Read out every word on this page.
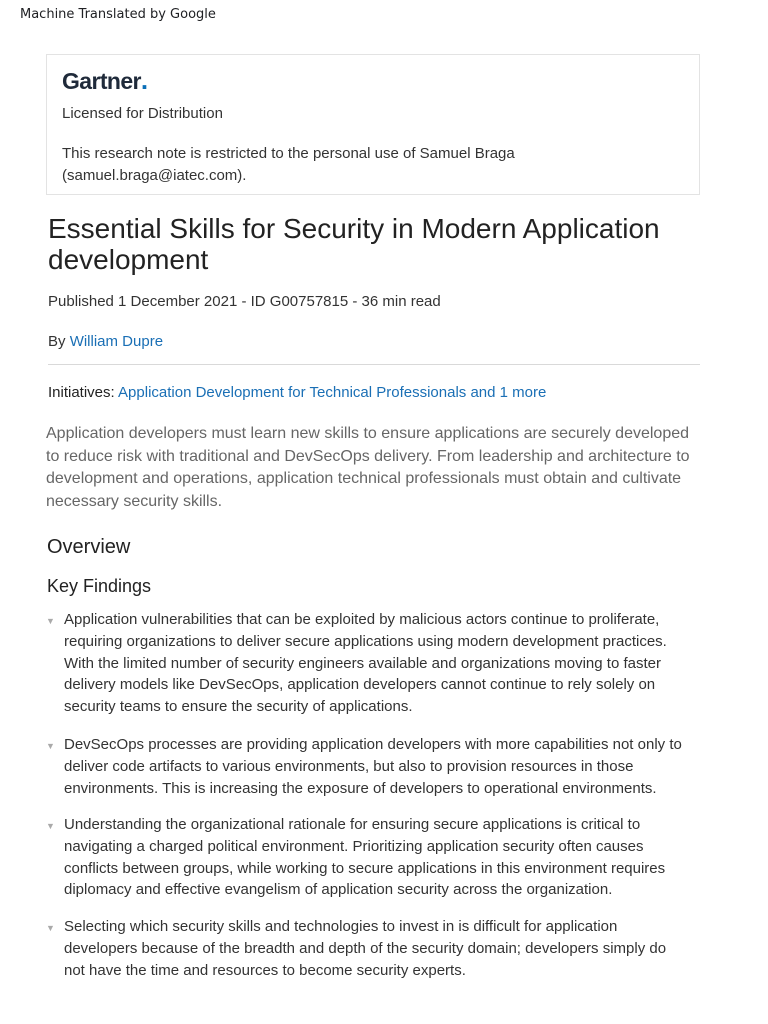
Machine Translated by Google
Gartner.
Licensed for Distribution
This research note is restricted to the personal use of Samuel Braga (samuel.braga@iatec.com).
Essential Skills for Security in Modern Application development
Published 1 December 2021 - ID G00757815 - 36 min read
By William Dupre
Initiatives: Application Development for Technical Professionals and 1 more
Application developers must learn new skills to ensure applications are securely developed to reduce risk with traditional and DevSecOps delivery. From leadership and architecture to development and operations, application technical professionals must obtain and cultivate necessary security skills.
Overview
Key Findings
▼ Application vulnerabilities that can be exploited by malicious actors continue to proliferate, requiring organizations to deliver secure applications using modern development practices. With the limited number of security engineers available and organizations moving to faster delivery models like DevSecOps, application developers cannot continue to rely solely on security teams to ensure the security of applications.
▼ DevSecOps processes are providing application developers with more capabilities not only to deliver code artifacts to various environments, but also to provision resources in those environments. This is increasing the exposure of developers to operational environments.
▼ Understanding the organizational rationale for ensuring secure applications is critical to navigating a charged political environment. Prioritizing application security often causes conflicts between groups, while working to secure applications in this environment requires diplomacy and effective evangelism of application security across the organization.
▼ Selecting which security skills and technologies to invest in is difficult for application developers because of the breadth and depth of the security domain; developers simply do not have the time and resources to become security experts.
